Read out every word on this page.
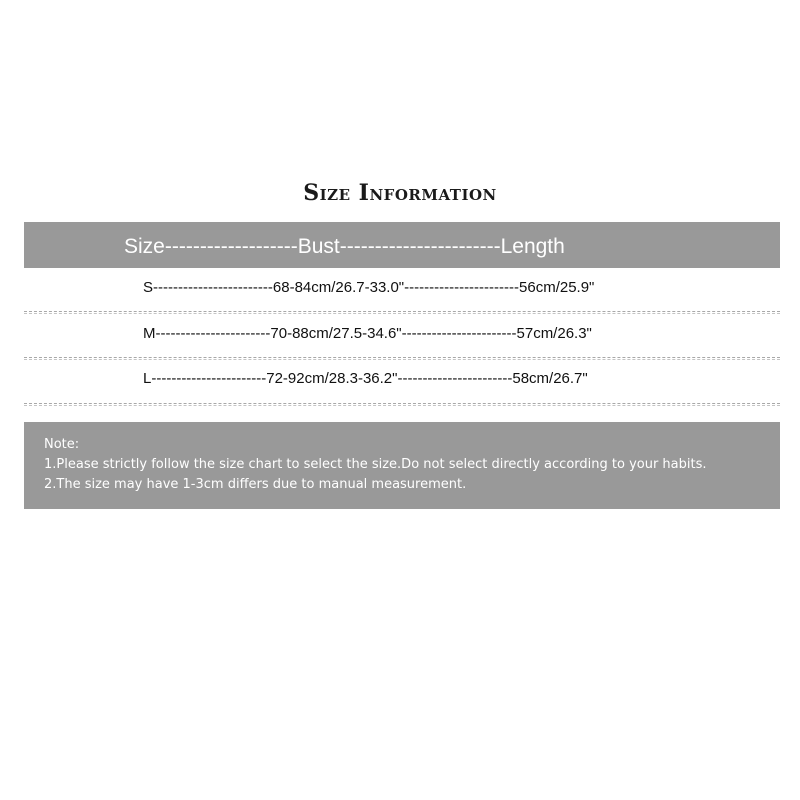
Size Information
Size-------------------Bust-----------------------Length
S------------------------68-84cm/26.7-33.0"-----------------------56cm/25.9"
M-----------------------70-88cm/27.5-34.6"-----------------------57cm/26.3"
L-----------------------72-92cm/28.3-36.2"-----------------------58cm/26.7"
Note:
1.Please strictly follow the size chart to select the size.Do not select directly according to your habits.
2.The size may have 1-3cm differs due to manual measurement.
